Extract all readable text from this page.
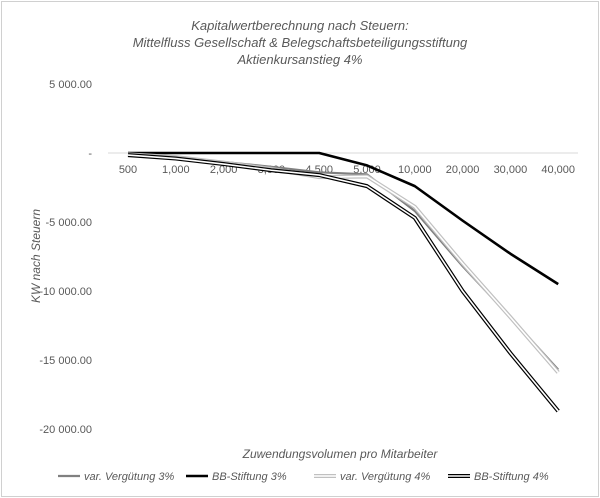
Kapitalwertberechnung nach Steuern:
Mittelfluss Gesellschaft & Belegschaftsbeteiligungsstiftung
Aktienkursanstieg 4%
KW nach Steuern
Zuwendungsvolumen pro Mitarbeiter
5 000.00
-
-5 000.00
-10 000.00
-15 000.00
-20 000.00
500 1,000 2,000 3,000 4,500 5,000 10,000 20,000 30,000 40,000
var. Vergütung 3%	BB-Stiftung 3%	var. Vergütung 4%	BB-Stiftung 4%
